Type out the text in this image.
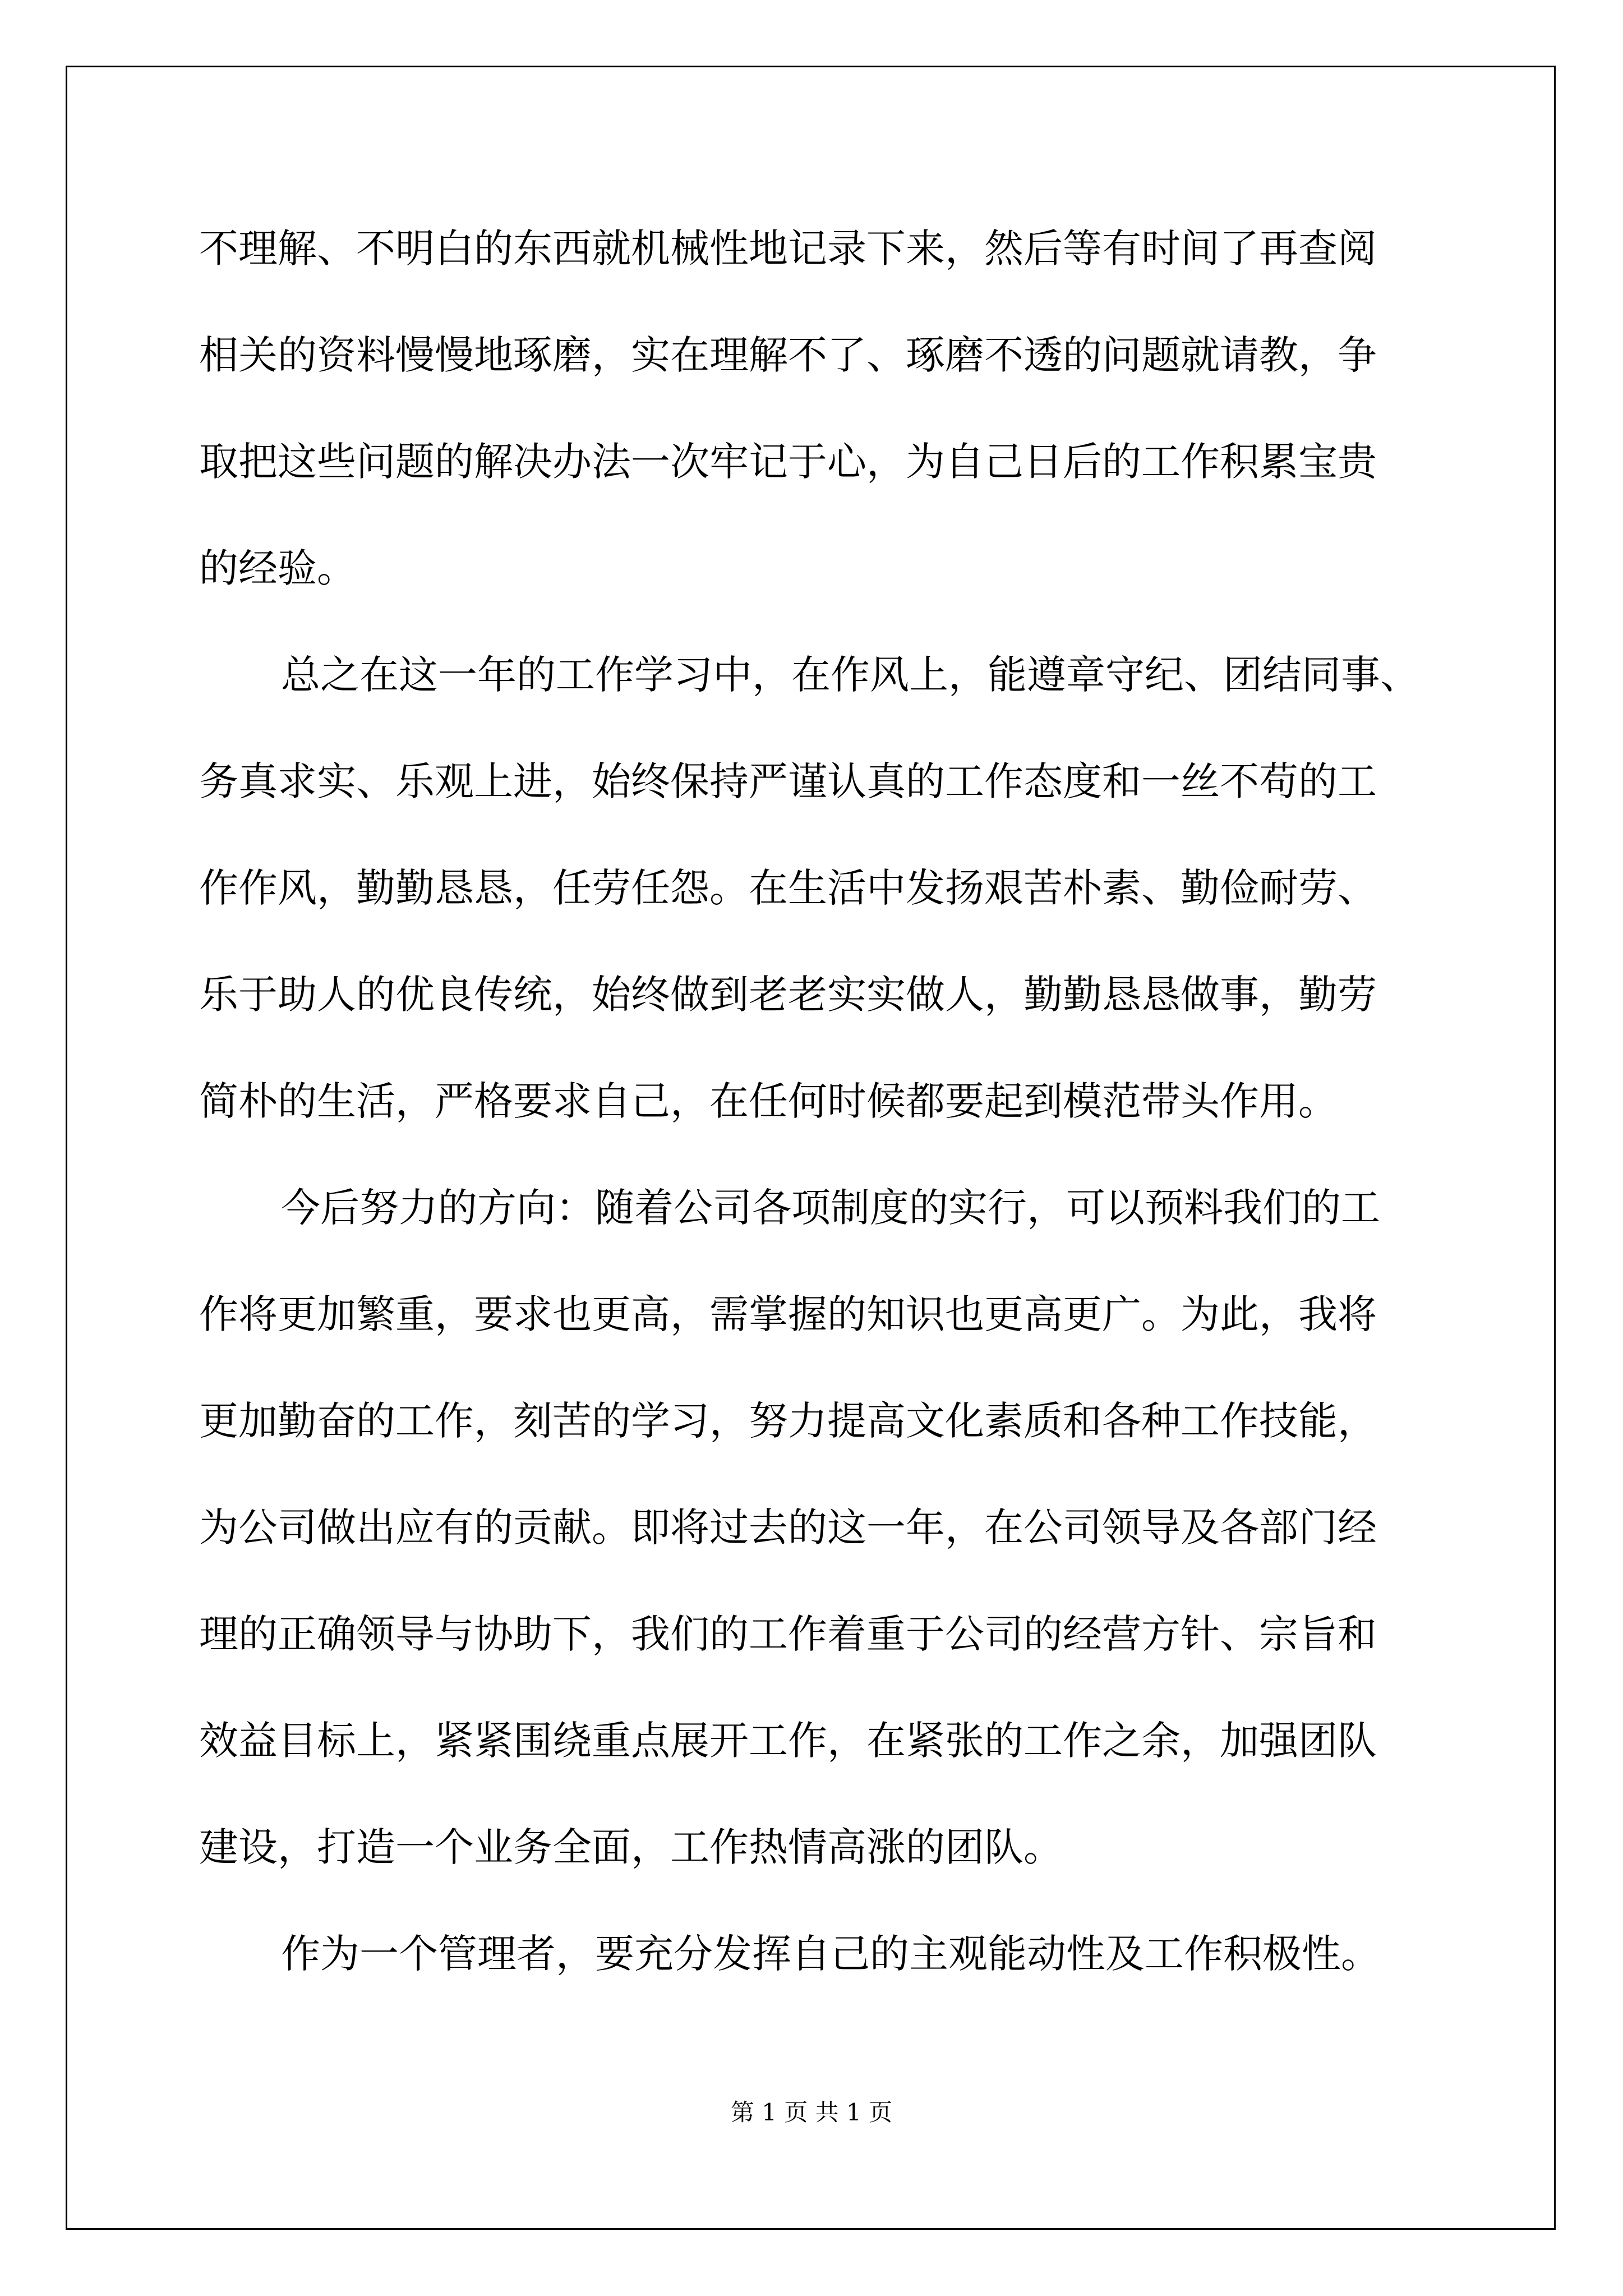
不理解、不明白的东西就机械性地记录下来，然后等有时间了再查阅
相关的资料慢慢地琢磨，实在理解不了、琢磨不透的问题就请教，争
取把这些问题的解决办法一次牢记于心，为自己日后的工作积累宝贵
的经验。
总之在这一年的工作学习中，在作风上，能遵章守纪、团结同事、
务真求实、乐观上进，始终保持严谨认真的工作态度和一丝不苟的工
作作风，勤勤恳恳，任劳任怨。在生活中发扬艰苦朴素、勤俭耐劳、
乐于助人的优良传统，始终做到老老实实做人，勤勤恳恳做事，勤劳
简朴的生活，严格要求自己，在任何时候都要起到模范带头作用。
今后努力的方向：随着公司各项制度的实行，可以预料我们的工
作将更加繁重，要求也更高，需掌握的知识也更高更广。为此，我将
更加勤奋的工作，刻苦的学习，努力提高文化素质和各种工作技能，
为公司做出应有的贡献。即将过去的这一年，在公司领导及各部门经
理的正确领导与协助下，我们的工作着重于公司的经营方针、宗旨和
效益目标上，紧紧围绕重点展开工作，在紧张的工作之余，加强团队
建设，打造一个业务全面，工作热情高涨的团队。
作为一个管理者，要充分发挥自己的主观能动性及工作积极性。
第 1 页 共 1 页
